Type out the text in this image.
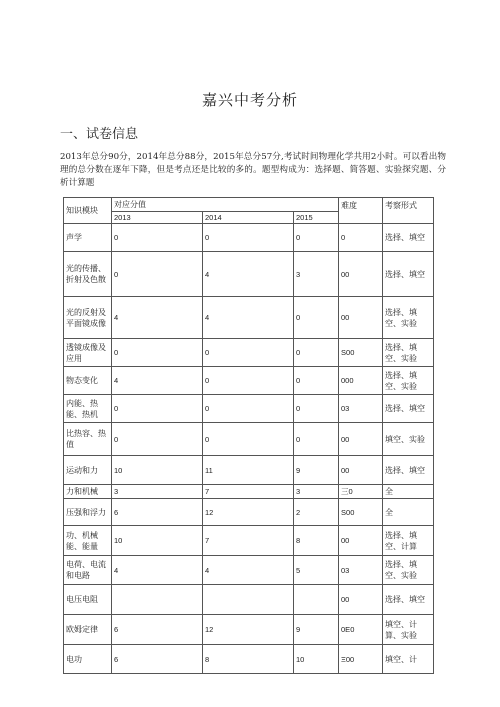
嘉兴中考分析
一、试卷信息
2013年总分90分，2014年总分88分，2015年总分57分,考试时间物理化学共用2小时。可以看出物理的总分数在逐年下降，但是考点还是比较的多的。题型构成为：选择题、简答题、实验探究题、分析计算题
知识模块	对应分值			难度	考察形式
	2013	2014	2015		
声学	0	0	0	0	选择、填空
光的传播、折射及色散	0	4	3	00	选择、填空
光的反射及平面镜成像	4	4	0	00	选择、填空、实验
透镜成像及应用	0	0	0	S00	选择、填空、实验
物态变化	4	0	0	000	选择、填空、实验
内能、热能、热机	0	0	0	03	选择、填空
比热容、热值	0	0	0	00	填空、实验
运动和力	10	11	9	00	选择、填空
力和机械	3	7	3	三0	全
压强和浮力	6	12	2	S00	全
功、机械能、能量	10	7	8	00	选择、填空、计算
电荷、电流和电路	4	4	5	03	选择、填空、实验
电压电阻				00	选择、填空
欧姆定律	6	12	9	0E0	填空、计算、实验
电功	6	8	10	Ξ00	填空、计
